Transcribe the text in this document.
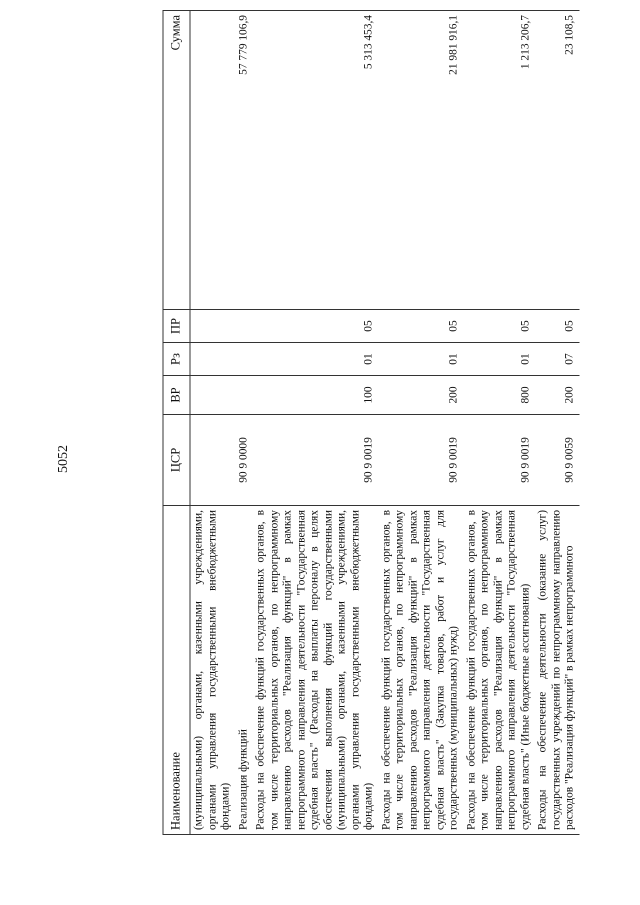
5052
Наименование	ЦСР	ВР	Рз	ПР	Сумма
(муниципальными) органами, казенными учреждениями, органами управления государственными внебюджетными фондами)					
Реализация функций	90 9 0000				57 779 106,9
Расходы на обеспечение функций государственных органов, в том числе территориальных органов, по непрограммному направлению расходов "Реализация функций" в рамках непрограммного направления деятельности "Государственная судебная власть" (Расходы на выплаты персоналу в целях обеспечения выполнения функций государственными (муниципальными) органами, казенными учреждениями, органами управления государственными внебюджетными фондами)	90 9 0019	100	01	05	5 313 453,4
Расходы на обеспечение функций государственных органов, в том числе территориальных органов, по непрограммному направлению расходов "Реализация функций" в рамках непрограммного направления деятельности "Государственная судебная власть" (Закупка товаров, работ и услуг для государственных (муниципальных) нужд)	90 9 0019	200	01	05	21 981 916,1
Расходы на обеспечение функций государственных органов, в том числе территориальных органов, по непрограммному направлению расходов "Реализация функций" в рамках непрограммного направления деятельности "Государственная судебная власть" (Иные бюджетные ассигнования)	90 9 0019	800	01	05	1 213 206,7
Расходы на обеспечение деятельности (оказание услуг) государственных учреждений по непрограммному направлению расходов "Реализация функций" в рамках непрограммного	90 9 0059	200	07	05	23 108,5
